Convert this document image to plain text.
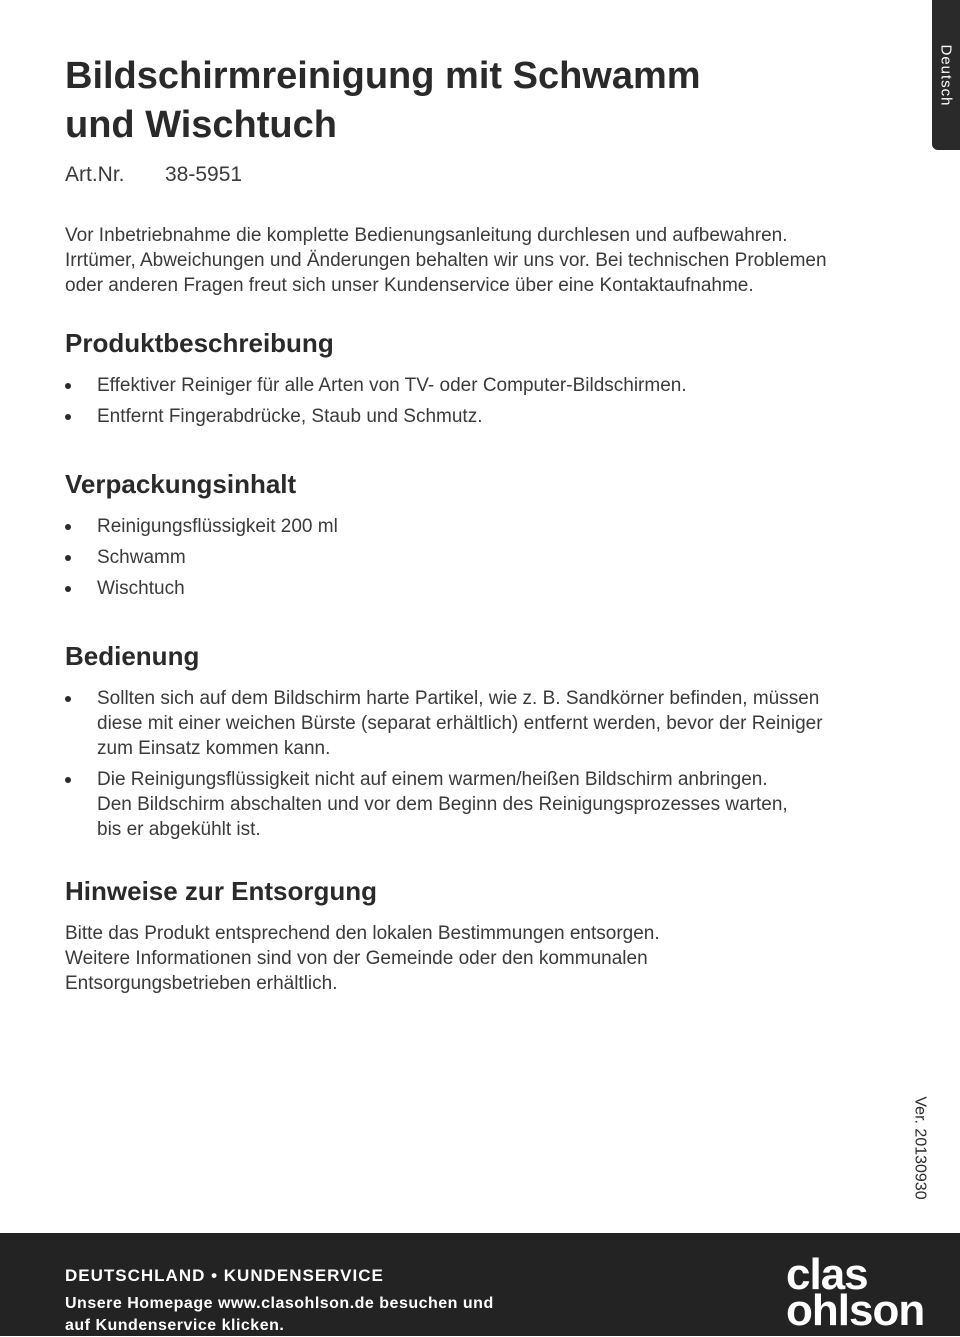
Deutsch
Bildschirmreinigung mit Schwamm
und Wischtuch
Art.Nr.	38-5951

Vor Inbetriebnahme die komplette Bedienungsanleitung durchlesen und aufbewahren.

Irrtümer, Abweichungen und Änderungen behalten wir uns vor. Bei technischen Problemen

oder anderen Fragen freut sich unser Kundenservice über eine Kontaktaufnahme.

Produktbeschreibung
Effektiver Reiniger für alle Arten von TV- oder Computer-Bildschirmen.
Entfernt Fingerabdrücke, Staub und Schmutz.
Verpackungsinhalt
Reinigungsflüssigkeit 200 ml
Schwamm
Wischtuch
Bedienung
Sollten sich auf dem Bildschirm harte Partikel, wie z. B. Sandkörner befinden, müssen
diese mit einer weichen Bürste (separat erhältlich) entfernt werden, bevor der Reiniger
zum Einsatz kommen kann.
Die Reinigungsflüssigkeit nicht auf einem warmen/heißen Bildschirm anbringen.
Den Bildschirm abschalten und vor dem Beginn des Reinigungsprozesses warten,
bis er abgekühlt ist.
Hinweise zur Entsorgung
Bitte das Produkt entsprechend den lokalen Bestimmungen entsorgen.
Weitere Informationen sind von der Gemeinde oder den kommunalen
Entsorgungsbetrieben erhältlich.
Ver. 20130930
DEUTSCHLAND • KUNDENSERVICE
Unsere Homepage www.clasohlson.de besuchen und
auf Kundenservice klicken.
clas
ohlson
